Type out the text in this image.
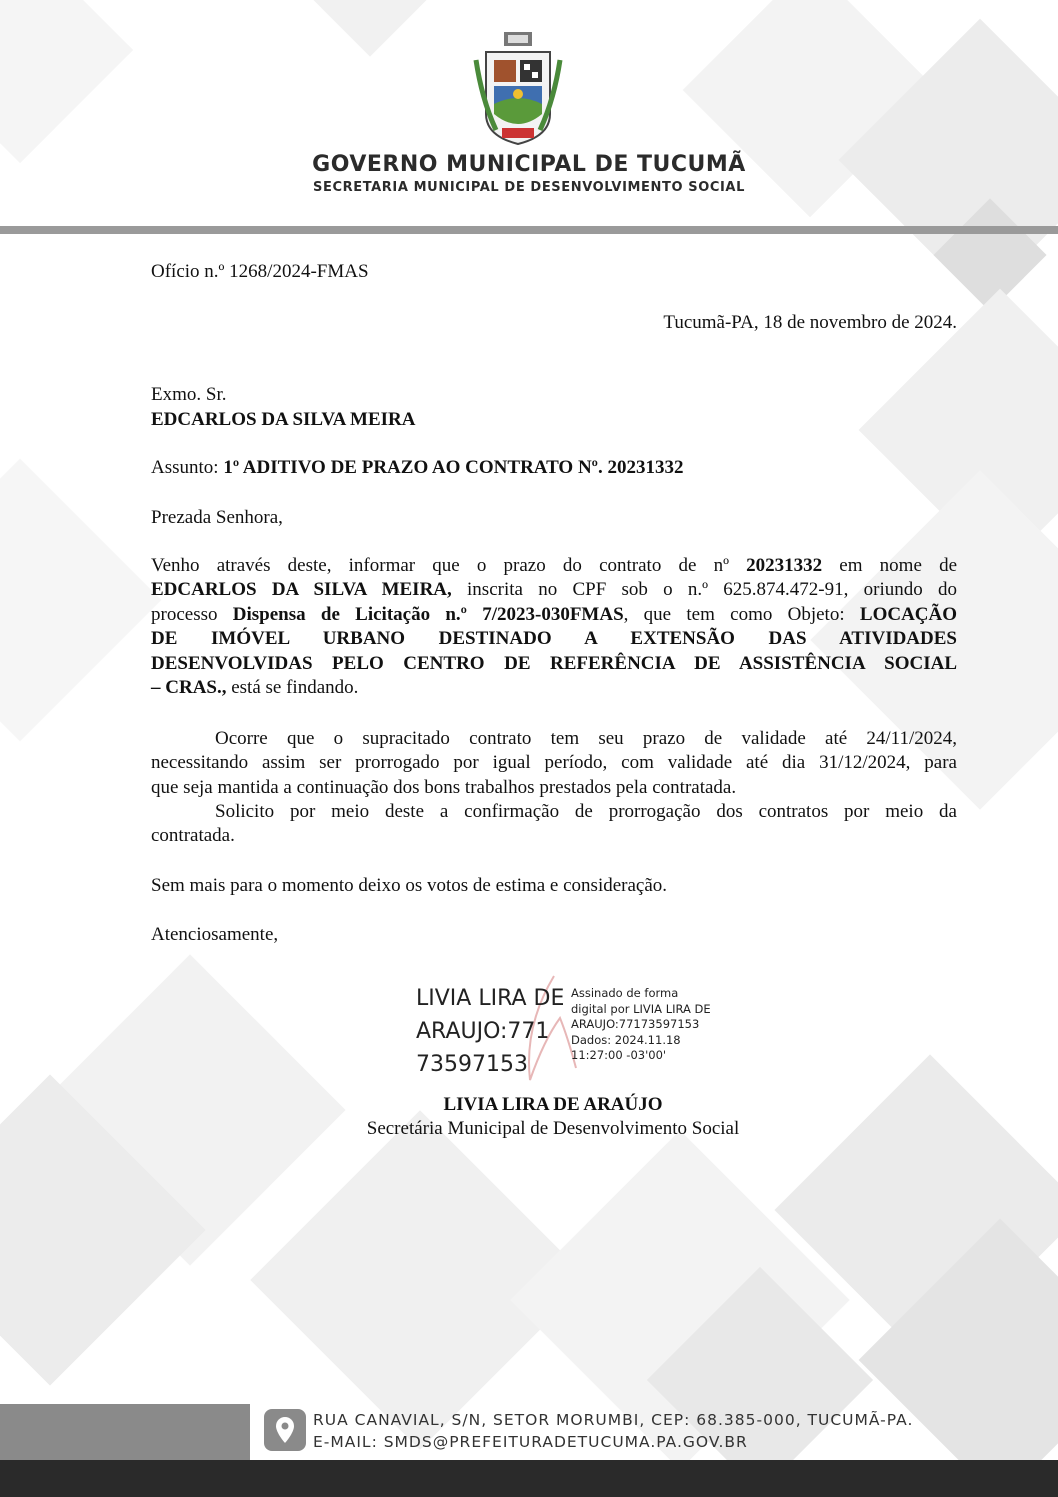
GOVERNO MUNICIPAL DE TUCUMÃ
SECRETARIA MUNICIPAL DE DESENVOLVIMENTO SOCIAL
Ofício n.º 1268/2024-FMAS
Tucumã-PA, 18 de novembro de 2024.
Exmo. Sr.
EDCARLOS DA SILVA MEIRA
Assunto: 1º ADITIVO DE PRAZO AO CONTRATO Nº. 20231332
Prezada Senhora,
Venho através deste, informar que o prazo do contrato de nº 20231332 em nome de
EDCARLOS DA SILVA MEIRA, inscrita no CPF sob o n.º 625.874.472-91, oriundo do
processo Dispensa de Licitação n.º 7/2023-030FMAS, que tem como Objeto: LOCAÇÃO
DE IMÓVEL URBANO DESTINADO A EXTENSÃO DAS ATIVIDADES
DESENVOLVIDAS PELO CENTRO DE REFERÊNCIA DE ASSISTÊNCIA SOCIAL
– CRAS., está se findando.
Ocorre que o supracitado contrato tem seu prazo de validade até 24/11/2024,
necessitando assim ser prorrogado por igual período, com validade até dia 31/12/2024, para
que seja mantida a continuação dos bons trabalhos prestados pela contratada.
Solicito por meio deste a confirmação de prorrogação dos contratos por meio da
contratada.
Sem mais para o momento deixo os votos de estima e consideração.
Atenciosamente,
LIVIA LIRA DE
ARAUJO:771
73597153
Assinado de forma
digital por LIVIA LIRA DE
ARAUJO:77173597153
Dados: 2024.11.18
11:27:00 -03'00'
LIVIA LIRA DE ARAÚJO
Secretária Municipal de Desenvolvimento Social
RUA CANAVIAL, S/N, SETOR MORUMBI, CEP: 68.385-000, TUCUMÃ-PA.
E-MAIL: SMDS@PREFEITURADETUCUMA.PA.GOV.BR
